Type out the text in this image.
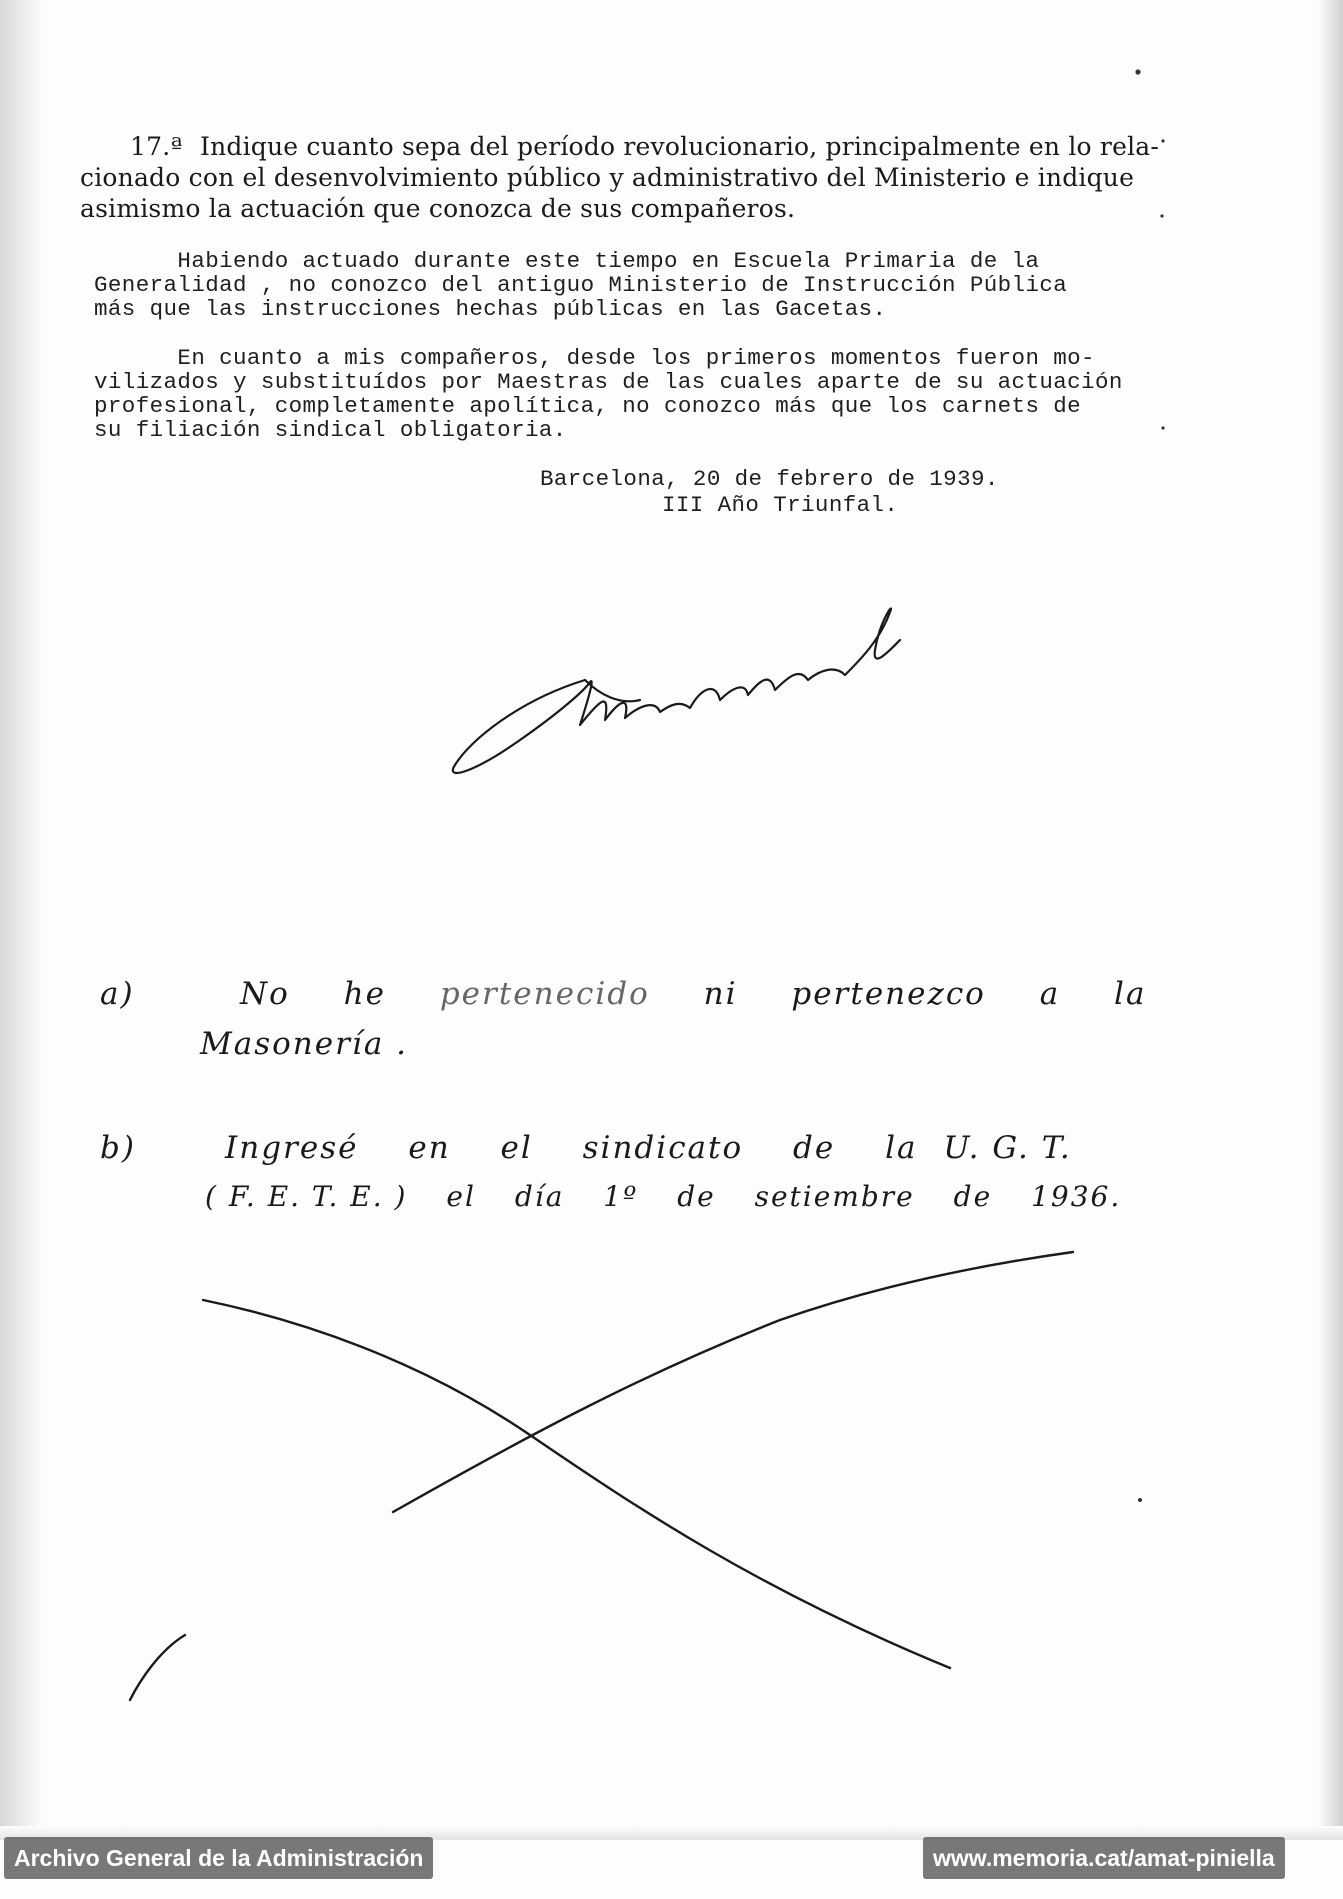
17.ª Indique cuanto sepa del período revolucionario, principalmente en lo rela-
cionado con el desenvolvimiento público y administrativo del Ministerio e indique
asimismo la actuación que conozca de sus compañeros.
Habiendo actuado durante este tiempo en Escuela Primaria de la
Generalidad , no conozco del antiguo Ministerio de Instrucción Pública
más que las instrucciones hechas públicas en las Gacetas.
En cuanto a mis compañeros, desde los primeros momentos fueron mo-
vilizados y substituídos por Maestras de las cuales aparte de su actuación
profesional, completamente apolítica, no conozco más que los carnets de
su filiación sindical obligatoria.
Barcelona, 20 de febrero de 1939.
III Año Triunfal.
a)	No he pertenecido ni pertenezco a la
Masonería .
b)	Ingresé en el sindicato de la U. G. T.
( F. E. T. E. ) el día 1º de setiembre de 1936.
Archivo General de la Administración	www.memoria.cat/amat-piniella
